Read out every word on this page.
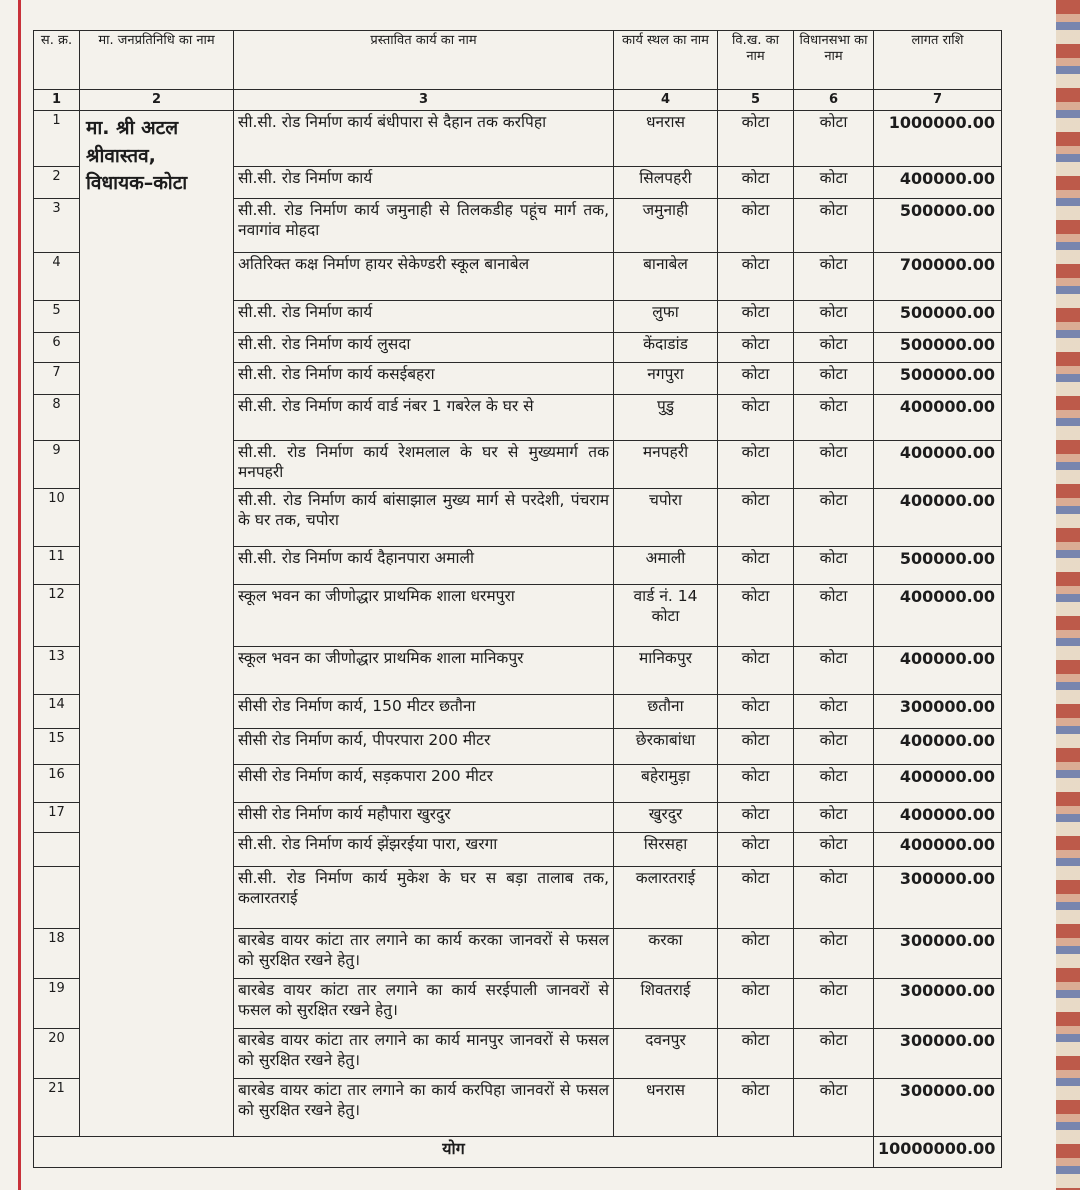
स. क्र.	मा. जनप्रतिनिधि का नाम	प्रस्तावित कार्य का नाम	कार्य स्थल का नाम	वि.ख. का नाम	विधानसभा का नाम	लागत राशि
1	2	3	4	5	6	7
1	मा. श्री अटल श्रीवास्तव, विधायक–कोटा	सी.सी. रोड निर्माण कार्य बंधीपारा से दैहान तक करपिहा	धनरास	कोटा	कोटा	1000000.00
2		सी.सी. रोड निर्माण कार्य	सिलपहरी	कोटा	कोटा	400000.00
3		सी.सी. रोड निर्माण कार्य जमुनाही से तिलकडीह पहूंच मार्ग तक, नवागांव मोहदा	जमुनाही	कोटा	कोटा	500000.00
4		अतिरिक्त कक्ष निर्माण हायर सेकेण्डरी स्कूल बानाबेल	बानाबेल	कोटा	कोटा	700000.00
5		सी.सी. रोड निर्माण कार्य	लुफा	कोटा	कोटा	500000.00
6		सी.सी. रोड निर्माण कार्य लुसदा	केंदाडांड	कोटा	कोटा	500000.00
7		सी.सी. रोड निर्माण कार्य कसईबहरा	नगपुरा	कोटा	कोटा	500000.00
8		सी.सी. रोड निर्माण कार्य वार्ड नंबर 1 गबरेल के घर से	पुडु	कोटा	कोटा	400000.00
9		सी.सी. रोड निर्माण कार्य रेशमलाल के घर से मुख्यमार्ग तक मनपहरी	मनपहरी	कोटा	कोटा	400000.00
10		सी.सी. रोड निर्माण कार्य बांसाझाल मुख्य मार्ग से परदेशी, पंचराम के घर तक, चपोरा	चपोरा	कोटा	कोटा	400000.00
11		सी.सी. रोड निर्माण कार्य दैहानपारा अमाली	अमाली	कोटा	कोटा	500000.00
12		स्कूल भवन का जीणोद्धार प्राथमिक शाला धरमपुरा	वार्ड नं. 14 कोटा	कोटा	कोटा	400000.00
13		स्कूल भवन का जीणोद्धार प्राथमिक शाला मानिकपुर	मानिकपुर	कोटा	कोटा	400000.00
14		सीसी रोड निर्माण कार्य, 150 मीटर छतौना	छतौना	कोटा	कोटा	300000.00
15		सीसी रोड निर्माण कार्य, पीपरपारा 200 मीटर	छेरकाबांधा	कोटा	कोटा	400000.00
16		सीसी रोड निर्माण कार्य, सड़कपारा 200 मीटर	बहेरामुड़ा	कोटा	कोटा	400000.00
17		सीसी रोड निर्माण कार्य महौपारा खुरदुर	खुरदुर	कोटा	कोटा	400000.00
		सी.सी. रोड निर्माण कार्य झेंझरईया पारा, खरगा	सिरसहा	कोटा	कोटा	400000.00
		सी.सी. रोड निर्माण कार्य मुकेश के घर स बड़ा तालाब तक, कलारतराई	कलारतराई	कोटा	कोटा	300000.00
18		बारबेड वायर कांटा तार लगाने का कार्य करका जानवरों से फसल को सुरक्षित रखने हेतु।	करका	कोटा	कोटा	300000.00
19		बारबेड वायर कांटा तार लगाने का कार्य सरईपाली जानवरों से फसल को सुरक्षित रखने हेतु।	शिवतराई	कोटा	कोटा	300000.00
20		बारबेड वायर कांटा तार लगाने का कार्य मानपुर जानवरों से फसल को सुरक्षित रखने हेतु।	दवनपुर	कोटा	कोटा	300000.00
21		बारबेड वायर कांटा तार लगाने का कार्य करपिहा जानवरों से फसल को सुरक्षित रखने हेतु।	धनरास	कोटा	कोटा	300000.00
योग						10000000.00
